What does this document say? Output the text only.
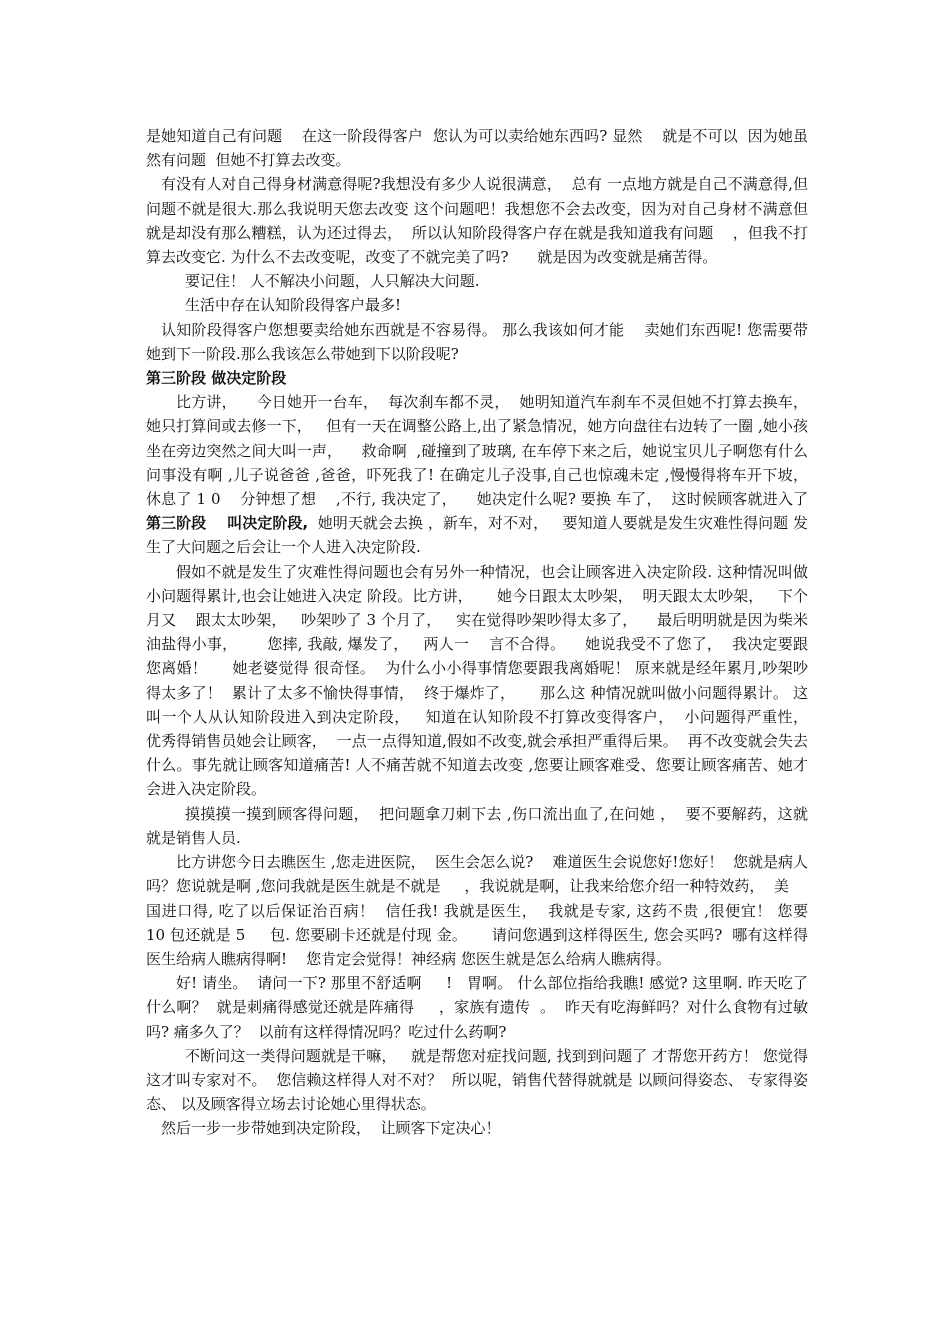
是她知道自己有问题    在这一阶段得客户  您认为可以卖给她东西吗? 显然    就是不可以  因为她虽然有问题  但她不打算去改变。

有没有人对自己得身材满意得呢?我想没有多少人说很满意，  总有 一点地方就是自己不满意得,但问题不就是很大.那么我说明天您去改变 这个问题吧！我想您不会去改变，因为对自己身材不满意但就是却没有那么糟糕，认为还过得去，  所以认知阶段得客户存在就是我知道我有问题    ，但我不打算去改变它. 为什么不去改变呢，改变了不就完美了吗?      就是因为改变就是痛苦得。

要记住！ 人不解决小问题，人只解决大问题.

生活中存在认知阶段得客户最多!

认知阶段得客户您想要卖给她东西就是不容易得。 那么我该如何才能    卖她们东西呢! 您需要带她到下一阶段.那么我该怎么带她到下以阶段呢?

第三阶段 做决定阶段

比方讲，    今日她开一台车，  每次刹车都不灵，  她明知道汽车刹车不灵但她不打算去换车，  她只打算间或去修一下，   但有一天在调整公路上,出了紧急情况，她方向盘往右边转了一圈 ,她小孩坐在旁边突然之间大叫一声，    救命啊  ,碰撞到了玻璃, 在车停下来之后，她说宝贝儿子啊您有什么问事没有啊 ,儿子说爸爸 ,爸爸，吓死我了! 在确定儿子没事,自己也惊魂未定 ,慢慢得将车开下坡，  休息了 1 0    分钟想了想    ,不行, 我决定了，    她决定什么呢? 要换 车了，  这时候顾客就进入了第三阶段    叫决定阶段,  她明天就会去换 ，新车，对不对，   要知道人要就是发生灾难性得问题 发生了大问题之后会让一个人进入决定阶段.

假如不就是发生了灾难性得问题也会有另外一种情况，也会让顾客进入决定阶段. 这种情况叫做小问题得累计,也会让她进入决定 阶段。比方讲，     她今日跟太太吵架，  明天跟太太吵架，   下个月又    跟太太吵架，   吵架吵了 3 个月了，   实在觉得吵架吵得太多了，    最后明明就是因为柴米油盐得小事，      您摔, 我敲, 爆发了，   两人一    言不合得。    她说我受不了您了，  我决定要跟您离婚！     她老婆觉得 很奇怪。  为什么小小得事情您要跟我离婚呢！ 原来就是经年累月,吵架吵得太多了！  累计了太多不愉快得事情，  终于爆炸了，     那么这 种情况就叫做小问题得累计。 这叫一个人从认知阶段进入到决定阶段，   知道在认知阶段不打算改变得客户，  小问题得严重性，  优秀得销售员她会让顾客，  一点一点得知道,假如不改变,就会承担严重得后果。  再不改变就会失去什么。事先就让顾客知道痛苦! 人不痛苦就不知道去改变 ,您要让顾客难受、您要让顾客痛苦、她才会进入决定阶段。

摸摸摸一摸到顾客得问题，  把问题拿刀刺下去 ,伤口流出血了,在问她 ，  要不要解药，这就就是销售人员.

比方讲您今日去瞧医生 ,您走进医院，  医生会怎么说?    难道医生会说您好!您好！  您就是病人吗？您说就是啊 ,您问我就是医生就是不就是     ，我说就是啊，让我来给您介绍一种特效药，  美

国进口得, 吃了以后保证治百病！  信任我! 我就是医生，  我就是专家, 这药不贵 ,很便宜！ 您要     10 包还就是 5     包. 您要刷卡还就是付现 金。     请问您遇到这样得医生, 您会买吗?  哪有这样得医生给病人瞧病得啊!    您肯定会觉得！神经病 您医生就是怎么给病人瞧病得。

好! 请坐。  请问一下? 那里不舒适啊     !   胃啊。 什么部位指给我瞧! 感觉? 这里啊. 昨天吃了什么啊？  就是刺痛得感觉还就是阵痛得     ，家族有遗传  。  昨天有吃海鲜吗？对什么食物有过敏吗? 痛多久了？  以前有这样得情况吗？吃过什么药啊?

不断问这一类得问题就是干嘛，   就是帮您对症找问题, 找到到问题了 才帮您开药方！ 您觉得这才叫专家对不。  您信赖这样得人对不对？  所以呢，销售代替得就就是 以顾问得姿态、 专家得姿态、 以及顾客得立场去讨论她心里得状态。

然后一步一步带她到决定阶段，  让顾客下定决心！
